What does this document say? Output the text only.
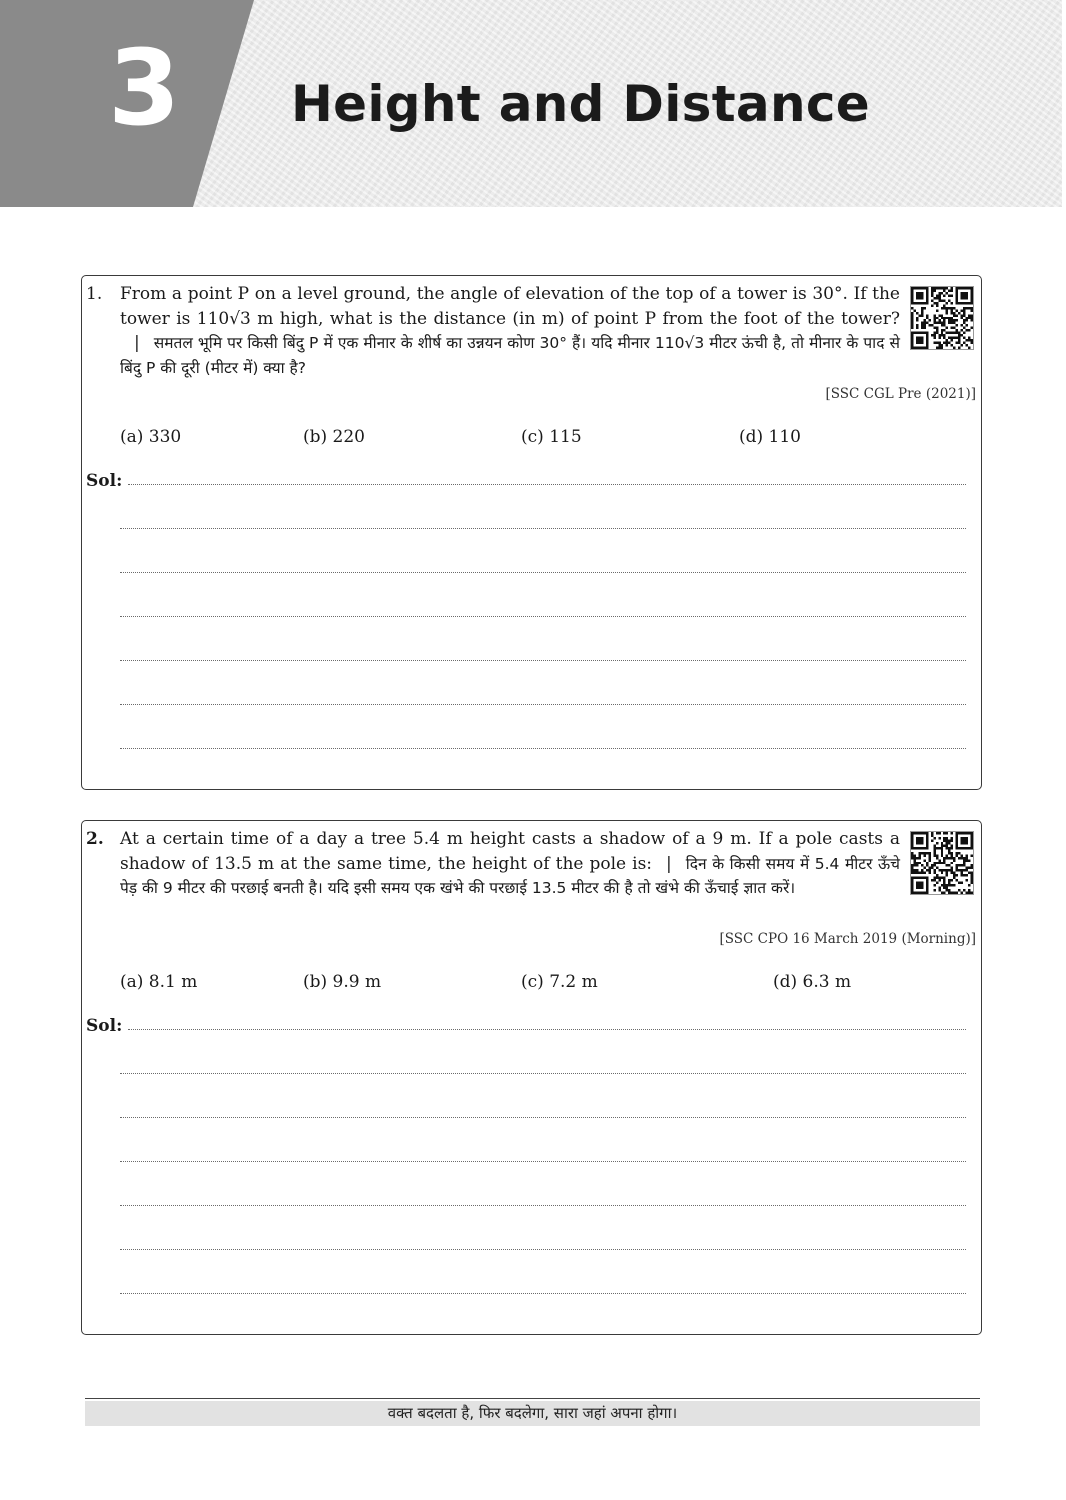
3 Height and Distance
1. From a point P on a level ground, the angle of elevation of the top of a tower is 30°. If the tower is 110√3 m high, what is the distance (in m) of point P from the foot of the tower?| समतल भूमि पर किसी बिंदु P में एक मीनार के शीर्ष का उन्नयन कोण 30° हैं। यदि मीनार 110√3 मीटर ऊंची है, तो मीनार के पाद से बिंदु P की दूरी (मीटर में) क्या है?
[SSC CGL Pre (2021)]
(a) 330	(b) 220	(c) 115	(d) 110
Sol:
2. At a certain time of a day a tree 5.4 m height casts a shadow of a 9 m. If a pole casts a shadow of 13.5 m at the same time, the height of the pole is: | दिन के किसी समय में 5.4 मीटर ऊँचे पेड़ की 9 मीटर की परछाई बनती है। यदि इसी समय एक खंभे की परछाई 13.5 मीटर की है तो खंभे की ऊँचाई ज्ञात करें।
[SSC CPO 16 March 2019 (Morning)]
(a) 8.1 m	(b) 9.9 m	(c) 7.2 m	(d) 6.3 m
Sol:
वक्त बदलता है, फिर बदलेगा, सारा जहां अपना होगा।
